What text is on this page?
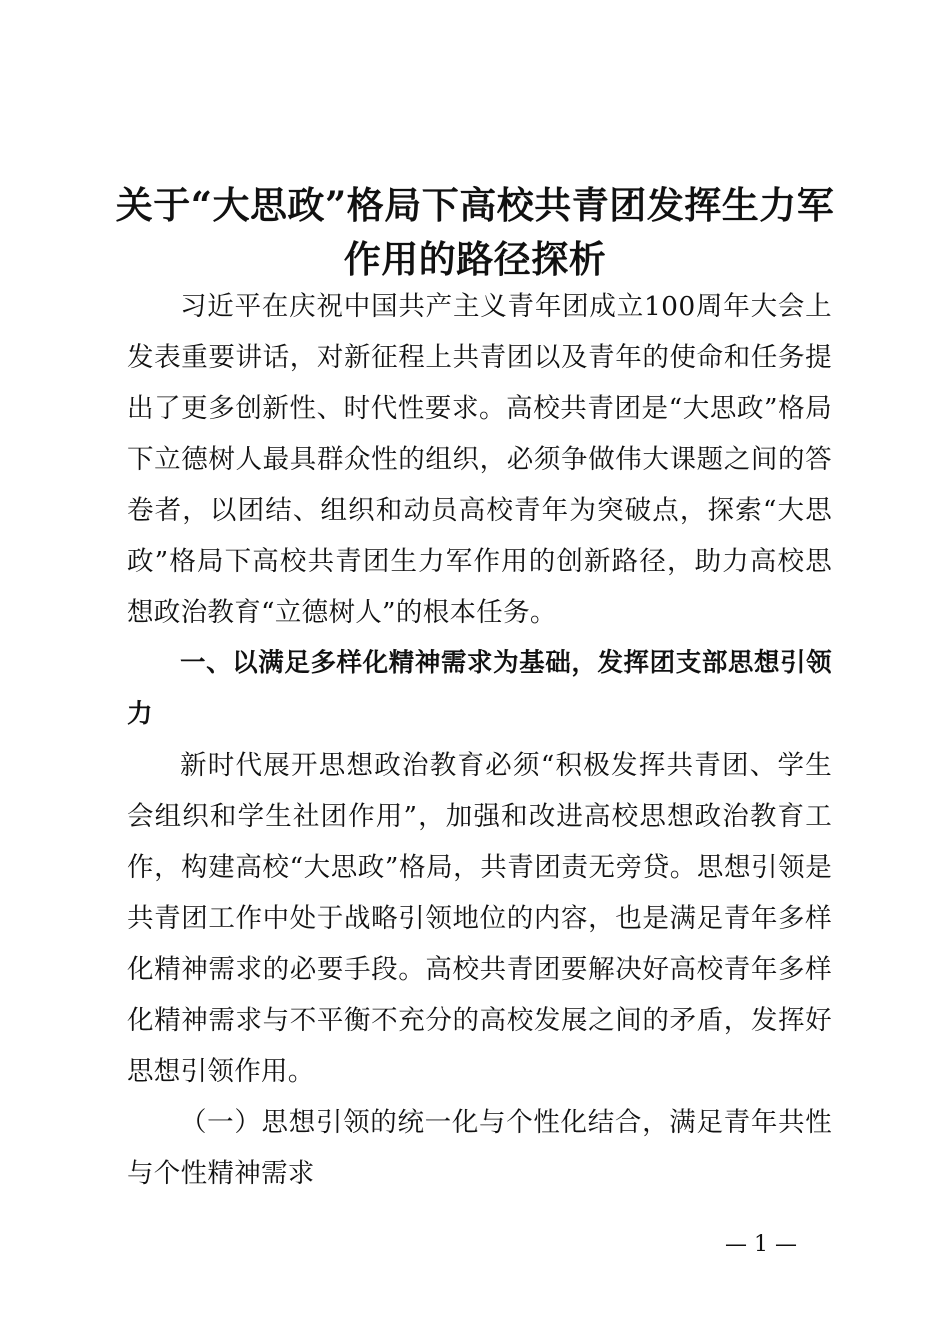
关于“大思政”格局下高校共青团发挥生力军
作用的路径探析

习近平在庆祝中国共产主义青年团成立100周年大会上发表重要讲话，对新征程上共青团以及青年的使命和任务提出了更多创新性、时代性要求。高校共青团是“大思政”格局下立德树人最具群众性的组织，必须争做伟大课题之间的答卷者，以团结、组织和动员高校青年为突破点，探索“大思政”格局下高校共青团生力军作用的创新路径，助力高校思想政治教育“立德树人”的根本任务。

一、以满足多样化精神需求为基础，发挥团支部思想引领力

新时代展开思想政治教育必须“积极发挥共青团、学生会组织和学生社团作用”，加强和改进高校思想政治教育工作，构建高校“大思政”格局，共青团责无旁贷。思想引领是共青团工作中处于战略引领地位的内容，也是满足青年多样化精神需求的必要手段。高校共青团要解决好高校青年多样化精神需求与不平衡不充分的高校发展之间的矛盾，发挥好思想引领作用。

（一）思想引领的统一化与个性化结合，满足青年共性与个性精神需求

— 1 —
